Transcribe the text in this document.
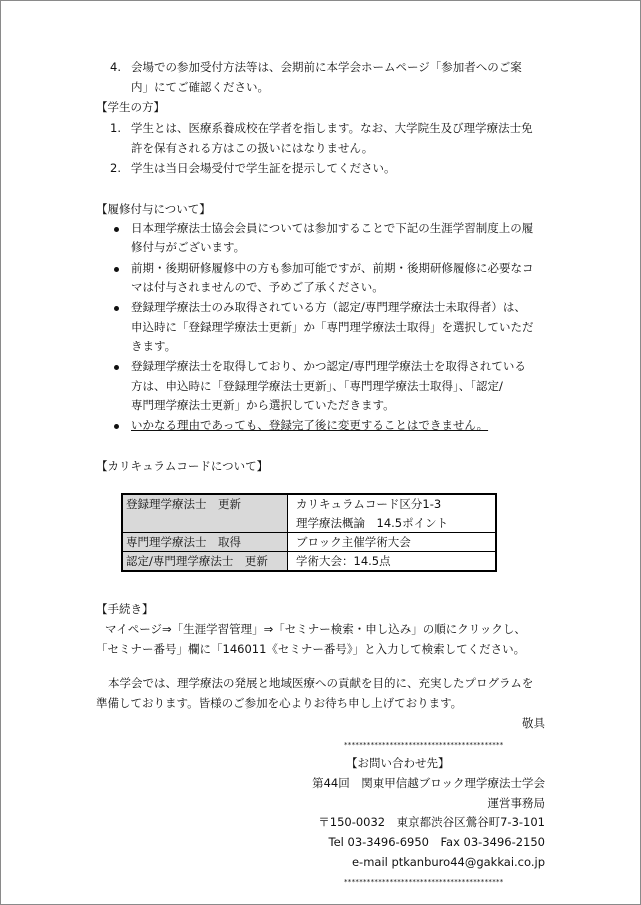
4. 会場での参加受付方法等は、会期前に本学会ホームページ「参加者へのご案
内」にてご確認ください。
【学生の方】
1. 学生とは、医療系養成校在学者を指します。なお、大学院生及び理学療法士免
許を保有される方はこの扱いにはなりません。
2. 学生は当日会場受付で学生証を提示してください。
【履修付与について】
日本理学療法士協会会員については参加することで下記の生涯学習制度上の履
修付与がございます。
前期・後期研修履修中の方も参加可能ですが、前期・後期研修履修に必要なコ
マは付与されませんので、予めご了承ください。
登録理学療法士のみ取得されている方（認定/専門理学療法士未取得者）は、
申込時に「登録理学療法士更新」か「専門理学療法士取得」を選択していただ
きます。
登録理学療法士を取得しており、かつ認定/専門理学療法士を取得されている
方は、申込時に「登録理学療法士更新」、「専門理学療法士取得」、「認定/
専門理学療法士更新」から選択していただきます。
いかなる理由であっても、登録完了後に変更することはできません。
【カリキュラムコードについて】
登録理学療法士　更新	カリキュラムコード区分1-3
理学療法概論　14.5ポイント

専門理学療法士　取得	ブロック主催学術大会
認定/専門理学療法士　更新	学術大会：14.5点
【手続き】
マイページ⇒「生涯学習管理」⇒「セミナー検索・申し込み」の順にクリックし、
「セミナー番号」欄に「146011《セミナー番号》」と入力して検索してください。
本学会では、理学療法の発展と地域医療への貢献を目的に、充実したプログラムを
準備しております。皆様のご参加を心よりお待ち申し上げております。
敬具
******************************************
【お問い合わせ先】
第44回　関東甲信越ブロック理学療法士学会
運営事務局
〒150-0032　東京都渋谷区鶯谷町7-3-101
Tel 03-3496-6950　Fax 03-3496-2150
e-mail ptkanburo44@gakkai.co.jp
******************************************
